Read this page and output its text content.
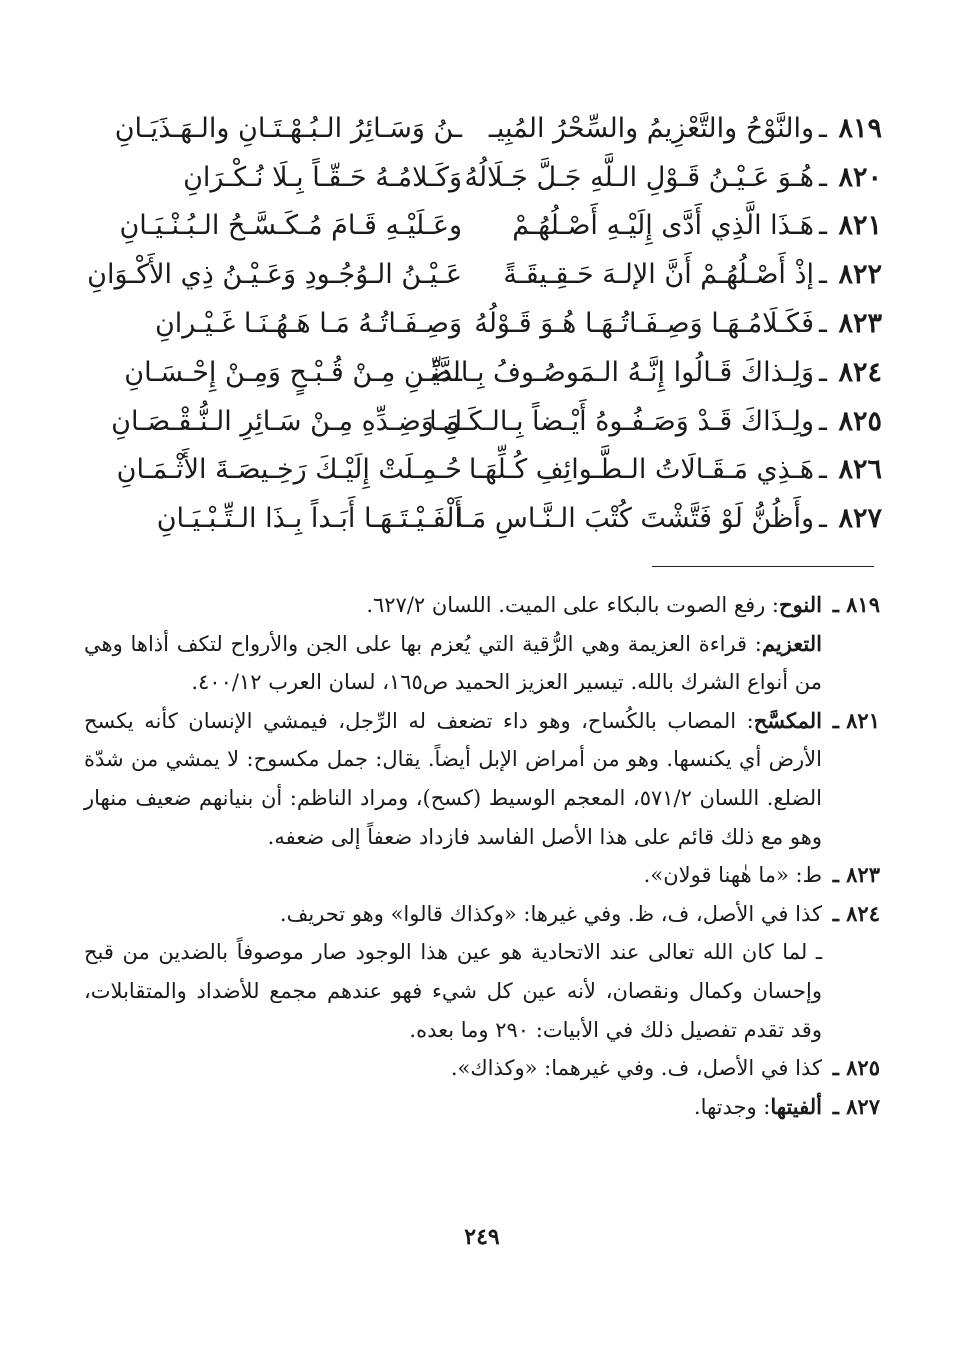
٨١٩
ـ
والنَّوْحُ والتَّعْزِيمُ والسِّحْرُ المُبِيـ
ـنُ وَسَـائِرُ الـبُـهْـتَـانِ والـهَـذَيَـانِ
٨٢٠
ـ
هُـوَ عَـيْـنُ قَـوْلِ الـلَّهِ جَـلَّ جَـلَالُهُ
وَكَـلامُـهُ حَـقّـاً بِـلَا نُـكْـرَانِ
٨٢١
ـ
هَـذَا الَّذِي أَدَّى إِلَيْـهِ أَصْـلُهُـمْ
وعَـلَيْـهِ قَـامَ مُـكَـسَّـحُ الـبُـنْـيَـانِ
٨٢٢
ـ
إذْ أَصْـلُهُـمْ أَنَّ الإلـهَ حَـقِـيقَـةً
عَـيْـنُ الـوُجُـودِ وَعَـيْـنُ ذِي الأَكْـوَانِ
٨٢٣
ـ
فَكَـلَامُـهَـا وَصِـفَـاتُـهَـا هُـوَ قَـوْلُهُ
وَصِـفَـاتُـهُ مَـا هَـهُـنَـا غَـيْـرانِ
٨٢٤
ـ
وَلِـذاكَ قَـالُوا إِنَّـهُ الـمَوصُـوفُ بِـالضِّـ
ـدَّيْـنِ مِـنْ قُـبْـحٍ وَمِـنْ إِحْـسَـانِ
٨٢٥
ـ
ولِـذَاكَ قَـدْ وَصَـفُـوهُ أَيْـضاً بِـالـكَـمَـا
لِ وَضِـدِّهِ مِـنْ سَـائِرِ الـنُّـقْـصَـانِ
٨٢٦
ـ
هَـذِي مَـقَـالَاتُ الـطَّـوائِفِ كُـلِّهَـا
حُـمِـلَتْ إِلَيْـكَ رَخِـيصَـةَ الأَثْـمَـانِ
٨٢٧
ـ
وأَظُنُّ لَوْ فَتَّشْتَ كُتْبَ الـنَّـاسِ مَـا
أَلْفَـيْـتَـهَـا أَبَـداً بِـذَا الـتِّـبْـيَـانِ
٨١٩ ـ
النوح: رفع الصوت بالبكاء على الميت. اللسان ٦٢٧/٢.
التعزيم: قراءة العزيمة وهي الرُّقية التي يُعزم بها على الجن والأرواح لتكف أذاها وهي من أنواع الشرك بالله. تيسير العزيز الحميد ص١٦٥، لسان العرب ٤٠٠/١٢.
٨٢١ ـ
المكسَّح: المصاب بالكُساح، وهو داء تضعف له الرِّجل، فيمشي الإنسان كأنه يكسح الأرض أي يكنسها. وهو من أمراض الإبل أيضاً. يقال: جمل مكسوح: لا يمشي من شدّة الضلع. اللسان ٥٧١/٢، المعجم الوسيط (كسح)، ومراد الناظم: أن بنيانهم ضعيف منهار وهو مع ذلك قائم على هذا الأصل الفاسد فازداد ضعفاً إلى ضعفه.
٨٢٣ ـ
ط: «ما هٰهنا قولان».
٨٢٤ ـ
كذا في الأصل، ف، ظ. وفي غيرها: «وكذاك قالوا» وهو تحريف.
ـ لما كان الله تعالى عند الاتحادية هو عين هذا الوجود صار موصوفاً بالضدين من قبح وإحسان وكمال ونقصان، لأنه عين كل شيء فهو عندهم مجمع للأضداد والمتقابلات، وقد تقدم تفصيل ذلك في الأبيات: ٢٩٠ وما بعده.
٨٢٥ ـ
كذا في الأصل، ف. وفي غيرهما: «وكذاك».
٨٢٧ ـ
ألفيتها: وجدتها.
٢٤٩
